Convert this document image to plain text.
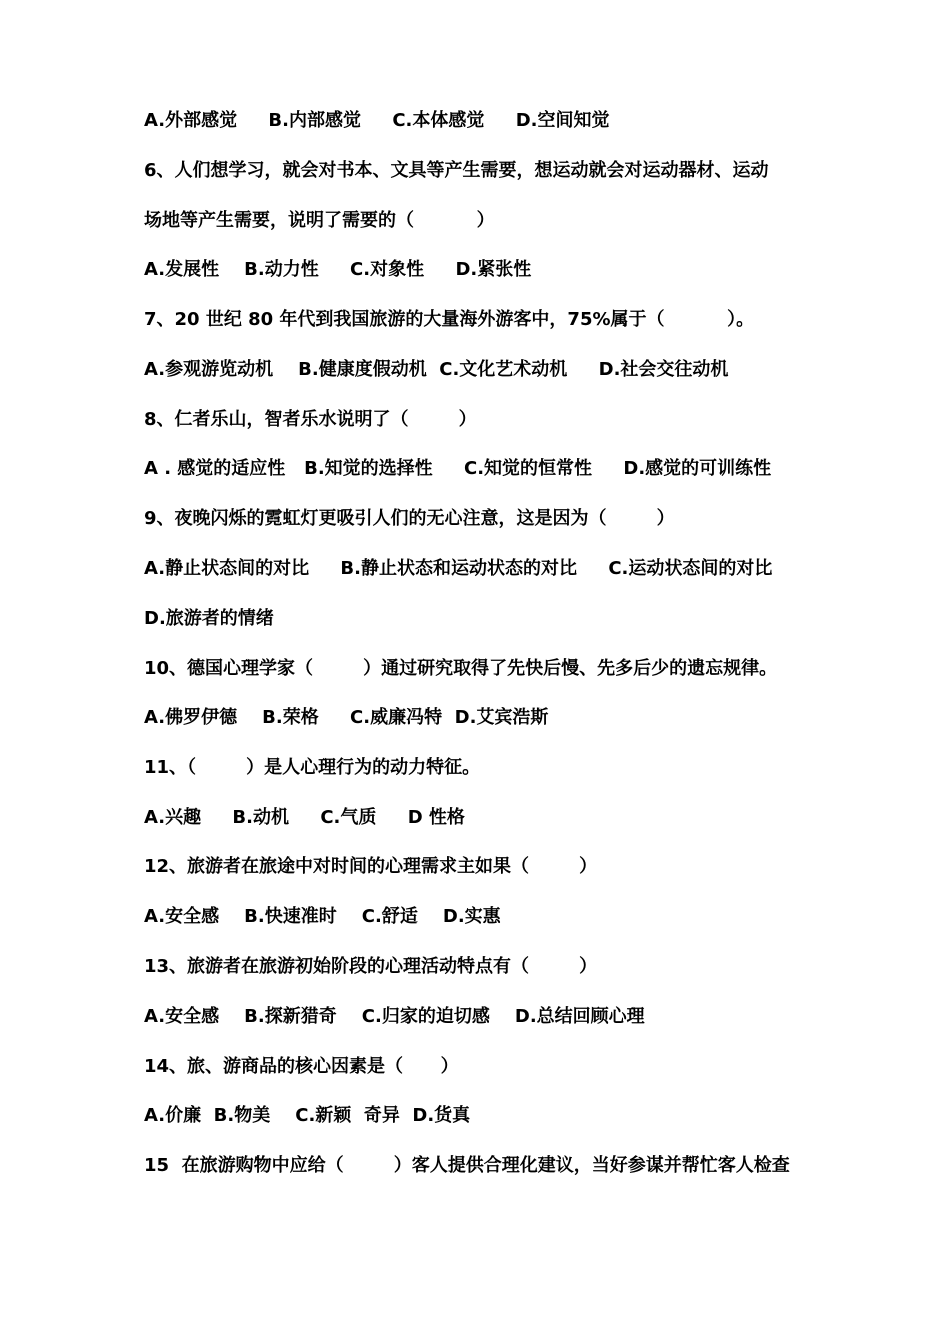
A.外部感觉     B.内部感觉     C.本体感觉     D.空间知觉
6、人们想学习，就会对书本、文具等产生需要，想运动就会对运动器材、运动
场地等产生需要，说明了需要的（          ）
A.发展性    B.动力性     C.对象性     D.紧张性
7、20 世纪 80 年代到我国旅游的大量海外游客中，75%属于（          ）。
A.参观游览动机    B.健康度假动机  C.文化艺术动机     D.社会交往动机
8、仁者乐山，智者乐水说明了（        ）
A . 感觉的适应性   B.知觉的选择性     C.知觉的恒常性     D.感觉的可训练性
9、夜晚闪烁的霓虹灯更吸引人们的无心注意，这是因为（        ）
A.静止状态间的对比     B.静止状态和运动状态的对比     C.运动状态间的对比
D.旅游者的情绪
10、德国心理学家（        ）通过研究取得了先快后慢、先多后少的遗忘规律。
A.佛罗伊德    B.荣格     C.威廉冯特  D.艾宾浩斯
11、（        ）是人心理行为的动力特征。
A.兴趣     B.动机     C.气质     D 性格
12、旅游者在旅途中对时间的心理需求主如果（        ）
A.安全感    B.快速准时    C.舒适    D.实惠
13、旅游者在旅游初始阶段的心理活动特点有（        ）
A.安全感    B.探新猎奇    C.归家的迫切感    D.总结回顾心理
14、旅、游商品的核心因素是（      ）
A.价廉  B.物美    C.新颖  奇异  D.货真
15  在旅游购物中应给（        ）客人提供合理化建议，当好参谋并帮忙客人检查
